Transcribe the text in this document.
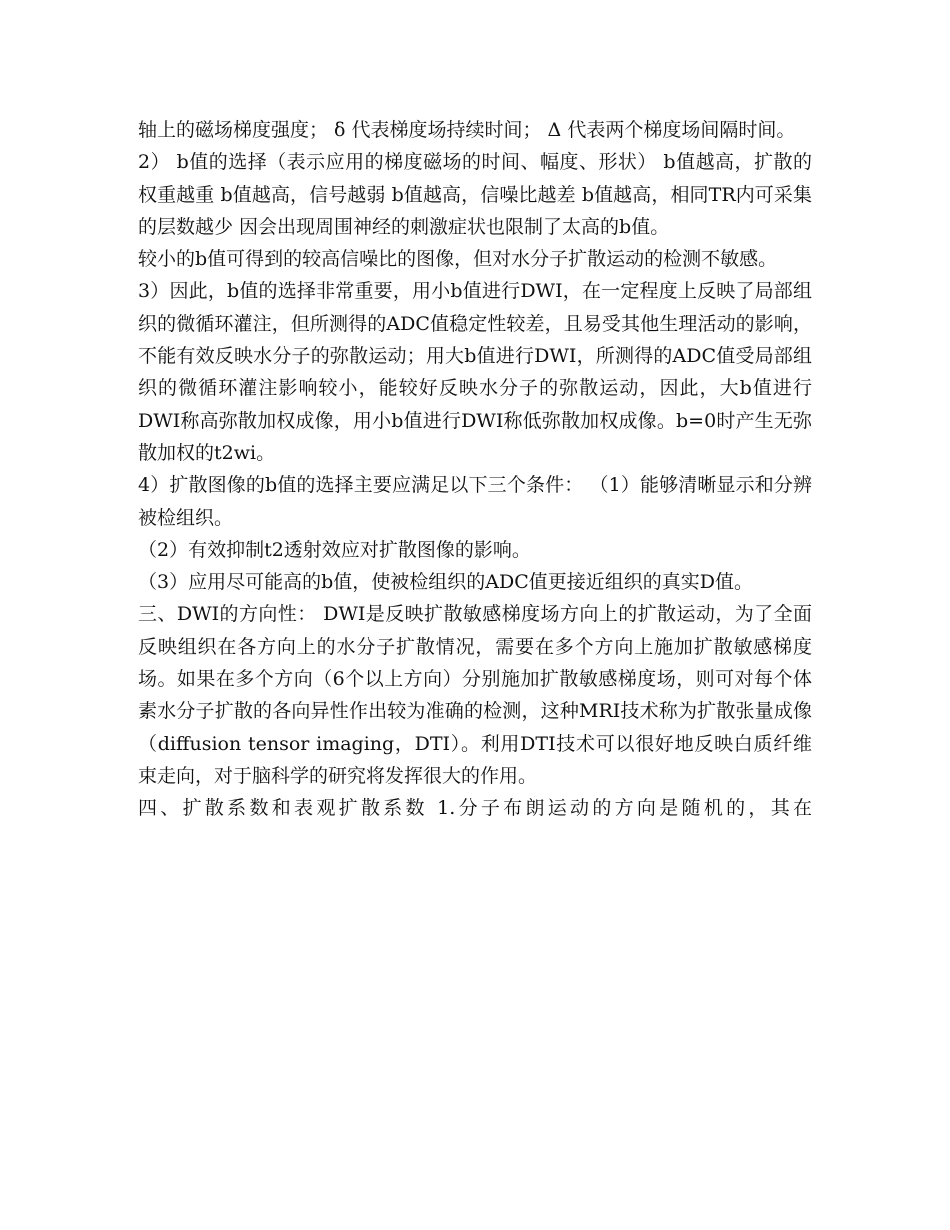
轴上的磁场梯度强度； δ 代表梯度场持续时间； Δ 代表两个梯度场间隔时间。

2） b值的选择（表示应用的梯度磁场的时间、幅度、形状） b值越高，扩散的权重越重 b值越高，信号越弱 b值越高，信噪比越差 b值越高，相同TR内可采集的层数越少 因会出现周围神经的刺激症状也限制了太高的b值。

较小的b值可得到的较高信噪比的图像，但对水分子扩散运动的检测不敏感。

3）因此，b值的选择非常重要，用小b值进行DWI，在一定程度上反映了局部组织的微循环灌注，但所测得的ADC值稳定性较差，且易受其他生理活动的影响，不能有效反映水分子的弥散运动；用大b值进行DWI，所测得的ADC值受局部组织的微循环灌注影响较小，能较好反映水分子的弥散运动，因此，大b值进行DWI称高弥散加权成像，用小b值进行DWI称低弥散加权成像。b=0时产生无弥散加权的t2wi。

4）扩散图像的b值的选择主要应满足以下三个条件： （1）能够清晰显示和分辨被检组织。

（2）有效抑制t2透射效应对扩散图像的影响。

（3）应用尽可能高的b值，使被检组织的ADC值更接近组织的真实D值。

三、DWI的方向性： DWI是反映扩散敏感梯度场方向上的扩散运动，为了全面反映组织在各方向上的水分子扩散情况，需要在多个方向上施加扩散敏感梯度场。如果在多个方向（6个以上方向）分别施加扩散敏感梯度场，则可对每个体素水分子扩散的各向异性作出较为准确的检测，这种MRI技术称为扩散张量成像（diffusion tensor imaging，DTI）。利用DTI技术可以很好地反映白质纤维束走向，对于脑科学的研究将发挥很大的作用。

四、扩散系数和表观扩散系数 1.分子布朗运动的方向是随机的，其在
